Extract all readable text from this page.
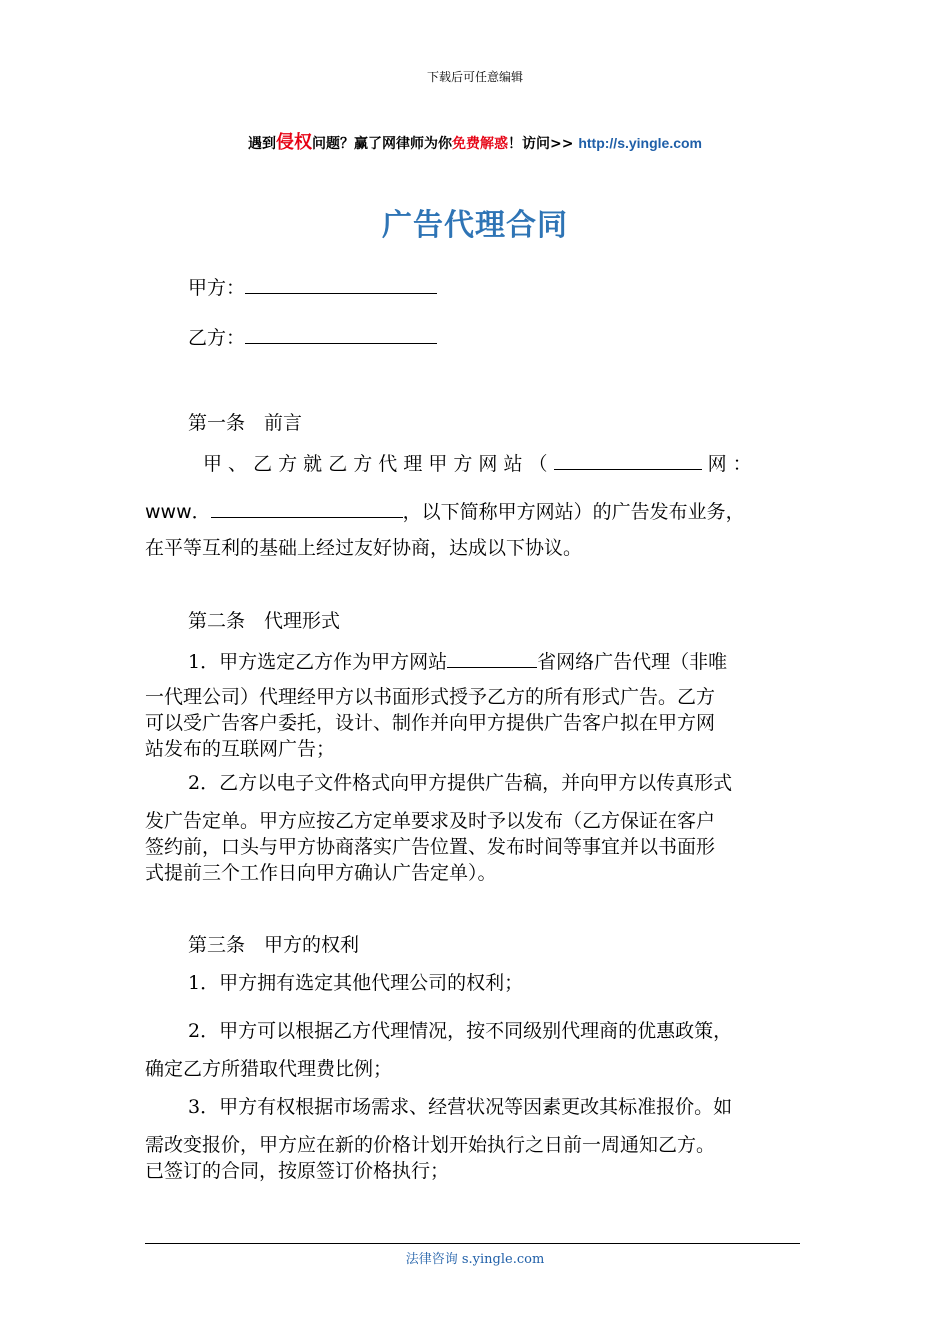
下载后可任意编辑
遇到侵权问题？赢了网律师为你免费解惑！访问>> http://s.yingle.com
广告代理合同
甲方：
乙方：
第一条　前言
甲 、 乙 方 就 乙 方 代 理 甲 方 网 站 （	网 ：
www．	，以下简称甲方网站）的广告发布业务，
在平等互利的基础上经过友好协商，达成以下协议。
第二条　代理形式
1．甲方选定乙方作为甲方网站	省网络广告代理（非唯
一代理公司）代理经甲方以书面形式授予乙方的所有形式广告。乙方
可以受广告客户委托，设计、制作并向甲方提供广告客户拟在甲方网
站发布的互联网广告；
2．乙方以电子文件格式向甲方提供广告稿，并向甲方以传真形式
发广告定单。甲方应按乙方定单要求及时予以发布（乙方保证在客户
签约前，口头与甲方协商落实广告位置、发布时间等事宜并以书面形
式提前三个工作日向甲方确认广告定单）。
第三条　甲方的权利
1．甲方拥有选定其他代理公司的权利；
2．甲方可以根据乙方代理情况，按不同级别代理商的优惠政策，
确定乙方所猎取代理费比例；
3．甲方有权根据市场需求、经营状况等因素更改其标准报价。如
需改变报价，甲方应在新的价格计划开始执行之日前一周通知乙方。
已签订的合同，按原签订价格执行；
法律咨询 s.yingle.com
